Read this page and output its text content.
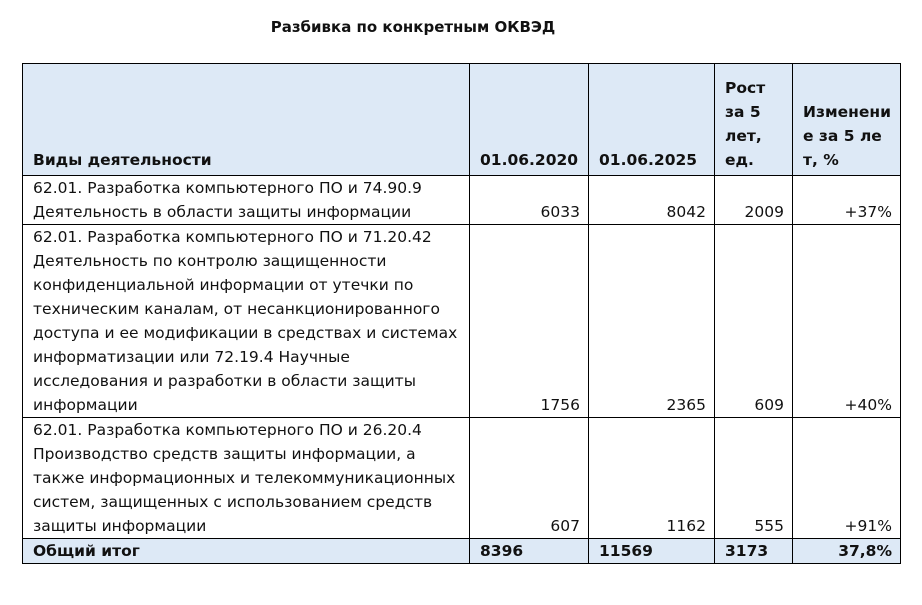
Разбивка по конкретным ОКВЭД
Виды деятельности	01.06.2020	01.06.2025	Рост за 5 лет, ед.	Изменение за 5 лет, %
62.01. Разработка компьютерного ПО и 74.90.9 Деятельность в области защиты информации	6033	8042	2009	+37%
62.01. Разработка компьютерного ПО и 71.20.42 Деятельность по контролю защищенности конфиденциальной информации от утечки по техническим каналам, от несанкционированного доступа и ее модификации в средствах и системах информатизации или 72.19.4 Научные исследования и разработки в области защиты информации	1756	2365	609	+40%
62.01. Разработка компьютерного ПО и 26.20.4 Производство средств защиты информации, а также информационных и телекоммуникационных систем, защищенных с использованием средств защиты информации	607	1162	555	+91%
Общий итог	8396	11569	3173	37,8%
